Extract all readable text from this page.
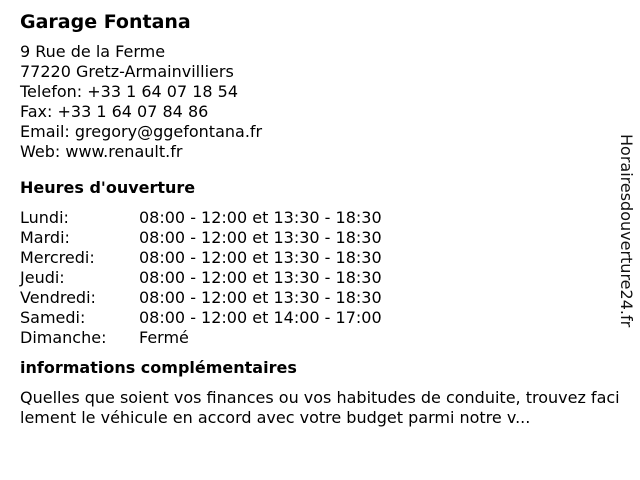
Garage Fontana
9 Rue de la Ferme
77220 Gretz-Armainvilliers
Telefon: +33 1 64 07 18 54
Fax: +33 1 64 07 84 86
Email: gregory@ggefontana.fr
Web: www.renault.fr
Heures d'ouverture
Lundi:	08:00 - 12:00 et 13:30 - 18:30
Mardi:	08:00 - 12:00 et 13:30 - 18:30
Mercredi:	08:00 - 12:00 et 13:30 - 18:30
Jeudi:	08:00 - 12:00 et 13:30 - 18:30
Vendredi:	08:00 - 12:00 et 13:30 - 18:30
Samedi:	08:00 - 12:00 et 14:00 - 17:00
Dimanche:	Fermé
informations complémentaires
Quelles que soient vos finances ou vos habitudes de conduite, trouvez facilement le véhicule en accord avec votre budget parmi notre v...
Horairesdouverture24.fr
